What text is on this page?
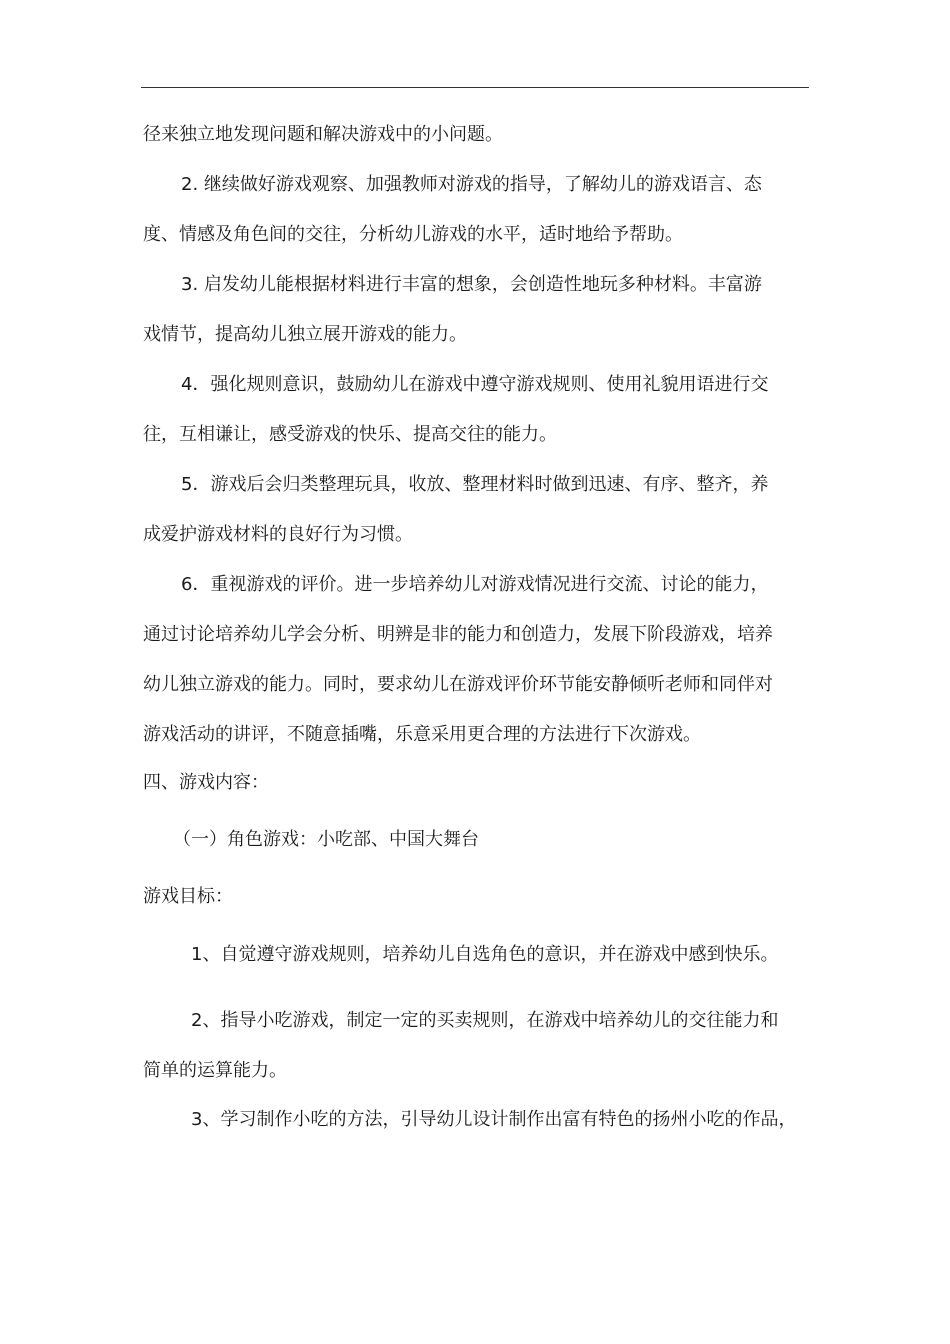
径来独立地发现问题和解决游戏中的小问题。

2. 继续做好游戏观察、加强教师对游戏的指导，了解幼儿的游戏语言、态
度、情感及角色间的交往，分析幼儿游戏的水平，适时地给予帮助。

3. 启发幼儿能根据材料进行丰富的想象，会创造性地玩多种材料。丰富游
戏情节，提高幼儿独立展开游戏的能力。

4．强化规则意识，鼓励幼儿在游戏中遵守游戏规则、使用礼貌用语进行交
往，互相谦让，感受游戏的快乐、提高交往的能力。

5．游戏后会归类整理玩具，收放、整理材料时做到迅速、有序、整齐，养
成爱护游戏材料的良好行为习惯。

6．重视游戏的评价。进一步培养幼儿对游戏情况进行交流、讨论的能力，
通过讨论培养幼儿学会分析、明辨是非的能力和创造力，发展下阶段游戏，培养
幼儿独立游戏的能力。同时，要求幼儿在游戏评价环节能安静倾听老师和同伴对
游戏活动的讲评，不随意插嘴，乐意采用更合理的方法进行下次游戏。

四、游戏内容：

（一）角色游戏：小吃部、中国大舞台

游戏目标：

1、自觉遵守游戏规则，培养幼儿自选角色的意识，并在游戏中感到快乐。

2、指导小吃游戏，制定一定的买卖规则，在游戏中培养幼儿的交往能力和
简单的运算能力。

3、学习制作小吃的方法，引导幼儿设计制作出富有特色的扬州小吃的作品，
